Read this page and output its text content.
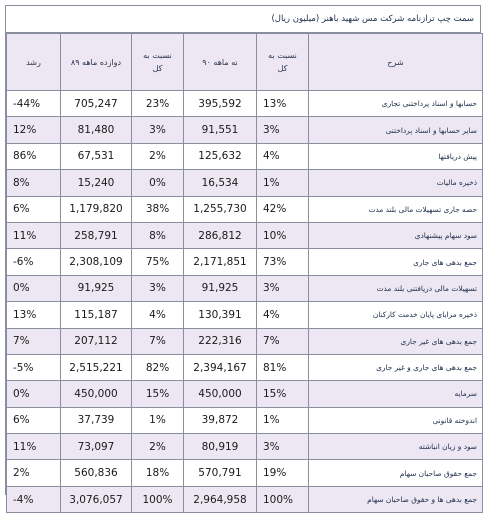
سمت چپ ترازنامه شرکت مس شهید باهنر (میلیون ریال)
رشد	دوازده ماهه ۸۹	نسبت به کل	نه ماهه ۹۰	نسبت به کل	شرح
-44%	705,247	23%	395,592	13%	حسابها و اسناد پرداختنی تجاری
12%	81,480	3%	91,551	3%	سایر حسابها و اسناد پرداختنی
86%	67,531	2%	125,632	4%	پیش دریافتها
8%	15,240	0%	16,534	1%	ذخیره مالیات
6%	1,179,820	38%	1,255,730	42%	حصه جاری تسهیلات مالی بلند مدت
11%	258,791	8%	286,812	10%	سود سهام پیشنهادی
-6%	2,308,109	75%	2,171,851	73%	جمع بدهی های جاری
0%	91,925	3%	91,925	3%	تسهیلات مالی دریافتنی بلند مدت
13%	115,187	4%	130,391	4%	ذخیره مزایای پایان خدمت کارکنان
7%	207,112	7%	222,316	7%	جمع بدهی های غیر جاری
-5%	2,515,221	82%	2,394,167	81%	جمع بدهی های جاری و غیر جاری
0%	450,000	15%	450,000	15%	سرمایه
6%	37,739	1%	39,872	1%	اندوخته قانونی
11%	73,097	2%	80,919	3%	سود و زیان انباشته
2%	560,836	18%	570,791	19%	جمع حقوق صاحبان سهام
-4%	3,076,057	100%	2,964,958	100%	جمع بدهی ها و حقوق صاحبان سهام
